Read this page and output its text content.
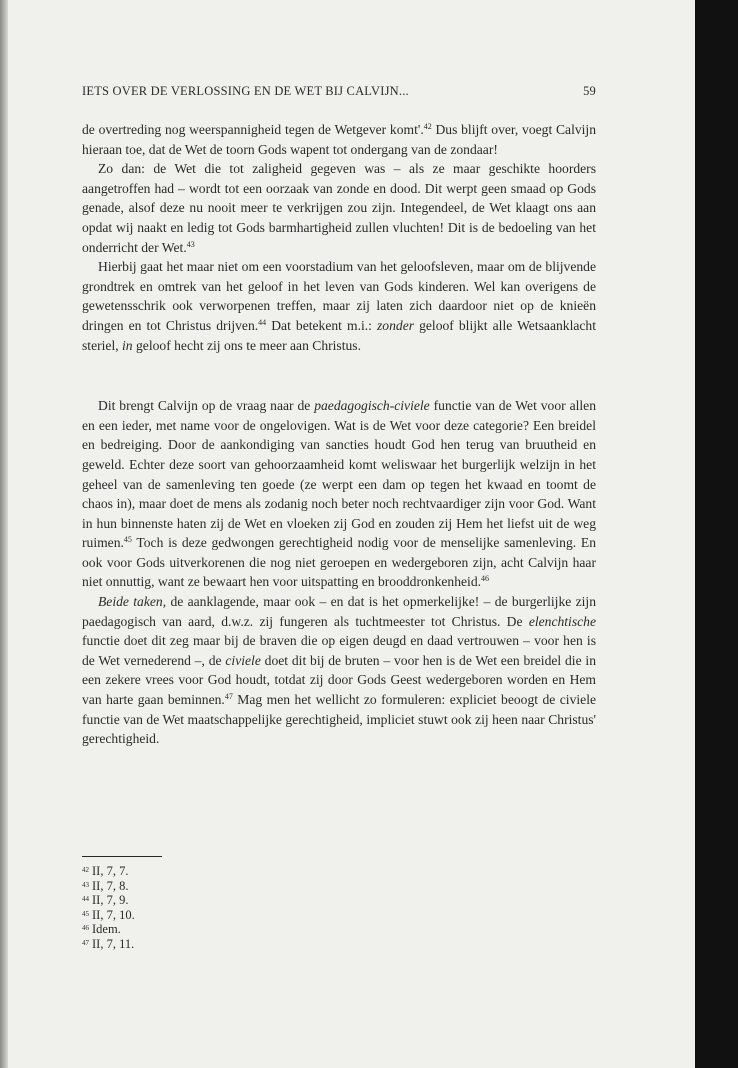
IETS OVER DE VERLOSSING EN DE WET BIJ CALVIJN...	59

de overtreding nog weerspannigheid tegen de Wetgever komt'.$^{42}$ Dus blijft over, voegt Calvijn hieraan toe, dat de Wet de toorn Gods wapent tot ondergang van de zondaar!

Zo dan: de Wet die tot zaligheid gegeven was – als ze maar geschikte hoorders aangetroffen had – wordt tot een oorzaak van zonde en dood. Dit werpt geen smaad op Gods genade, alsof deze nu nooit meer te verkrijgen zou zijn. Integendeel, de Wet klaagt ons aan opdat wij naakt en ledig tot Gods barmhartigheid zullen vluchten! Dit is de bedoeling van het onderricht der Wet.$^{43}$

Hierbij gaat het maar niet om een voorstadium van het geloofsleven, maar om de blijvende grondtrek en omtrek van het geloof in het leven van Gods kinderen. Wel kan overigens de gewetensschrik ook verworpenen treffen, maar zij laten zich daardoor niet op de knieën dringen en tot Christus drijven.$^{44}$ Dat betekent m.i.: zonder geloof blijkt alle Wetsaanklacht steriel, in geloof hecht zij ons te meer aan Christus.

Dit brengt Calvijn op de vraag naar de paedagogisch-civiele functie van de Wet voor allen en een ieder, met name voor de ongelovigen. Wat is de Wet voor deze categorie? Een breidel en bedreiging. Door de aankondiging van sancties houdt God hen terug van bruutheid en geweld. Echter deze soort van gehoorzaamheid komt weliswaar het burgerlijk welzijn in het geheel van de samenleving ten goede (ze werpt een dam op tegen het kwaad en toomt de chaos in), maar doet de mens als zodanig noch beter noch rechtvaardiger zijn voor God. Want in hun binnenste haten zij de Wet en vloeken zij God en zouden zij Hem het liefst uit de weg ruimen.$^{45}$ Toch is deze gedwongen gerechtigheid nodig voor de menselijke samenleving. En ook voor Gods uitverkorenen die nog niet geroepen en wedergeboren zijn, acht Calvijn haar niet onnuttig, want ze bewaart hen voor uitspatting en brooddronkenheid.$^{46}$

Beide taken, de aanklagende, maar ook – en dat is het opmerkelijke! – de burgerlijke zijn paedagogisch van aard, d.w.z. zij fungeren als tuchtmeester tot Christus. De elenchtische functie doet dit zeg maar bij de braven die op eigen deugd en daad vertrouwen – voor hen is de Wet vernederend –, de civiele doet dit bij de bruten – voor hen is de Wet een breidel die in een zekere vrees voor God houdt, totdat zij door Gods Geest wedergeboren worden en Hem van harte gaan beminnen.$^{47}$ Mag men het wellicht zo formuleren: expliciet beoogt de civiele functie van de Wet maatschappelijke gerechtigheid, impliciet stuwt ook zij heen naar Christus' gerechtigheid.

$^{42}$ II, 7, 7.
$^{43}$ II, 7, 8.
$^{44}$ II, 7, 9.
$^{45}$ II, 7, 10.
$^{46}$ Idem.
$^{47}$ II, 7, 11.
